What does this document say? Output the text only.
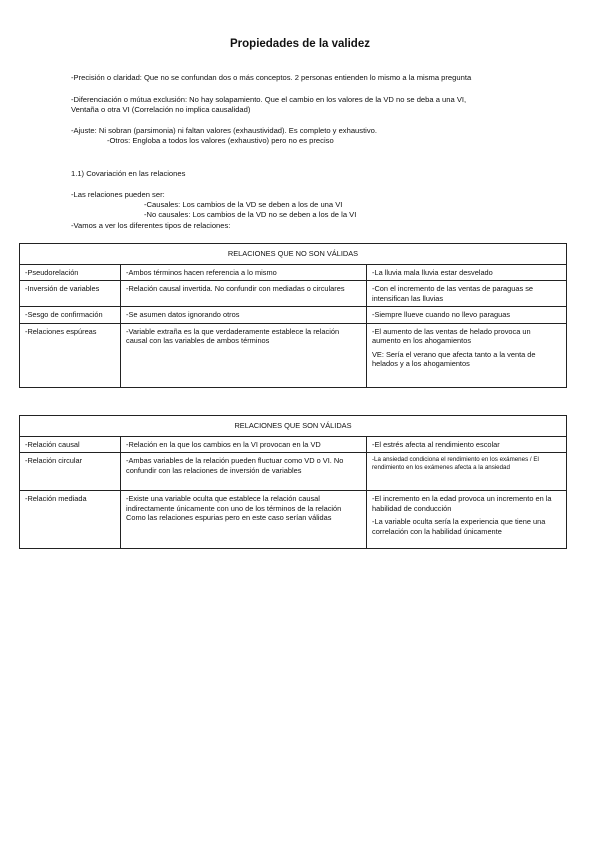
Propiedades de la validez
-Precisión o claridad: Que no se confundan dos o más conceptos. 2 personas entienden lo mismo a la misma pregunta
-Diferenciación o mútua exclusión: No hay solapamiento. Que el cambio en los valores de la VD no se deba a una VI,
Ventaña o otra VI (Correlación no implica causalidad)
-Ajuste: Ni sobran (parsimonia) ni faltan valores (exhaustividad). Es completo y exhaustivo.
-Otros: Engloba a todos los valores (exhaustivo) pero no es preciso
1.1) Covariación en las relaciones
-Las relaciones pueden ser:
-Causales: Los cambios de la VD se deben a los de una VI
-No causales: Los cambios de la VD no se deben a los de la VI
-Vamos a ver los diferentes tipos de relaciones:
RELACIONES QUE NO SON VÁLIDAS		
-Pseudorelación	-Ambos términos hacen referencia a lo mismo	-La lluvia mala lluvia estar desvelado
-Inversión de variables	-Relación causal invertida. No confundir con mediadas o circulares	-Con el incremento de las ventas de paraguas se intensifican las lluvias
-Sesgo de confirmación	-Se asumen datos ignorando otros	-Siempre llueve cuando no llevo paraguas
-Relaciones espúreas	-Variable extraña es la que verdaderamente establece la relación causal con las variables de ambos términos	-El aumento de las ventas de helado provoca un aumento en los ahogamientos
VE: Sería el verano que afecta tanto a la venta de helados y a los ahogamientos
RELACIONES QUE SON VÁLIDAS		
-Relación causal	-Relación en la que los cambios en la VI provocan en la VD	-El estrés afecta al rendimiento escolar
-Relación circular	-Ambas variables de la relación pueden fluctuar como VD o VI. No confundir con las relaciones de inversión de variables	-La ansiedad condiciona el rendimiento en los exámenes / El rendimiento en los exámenes afecta a la ansiedad
-Relación mediada	-Existe una variable oculta que establece la relación causal indirectamente únicamente con uno de los términos de la relación Como las relaciones espurias pero en este caso serían válidas	-El incremento en la edad provoca un incremento en la habilidad de conducción
-La variable oculta sería la experiencia que tiene una correlación con la habilidad únicamente
